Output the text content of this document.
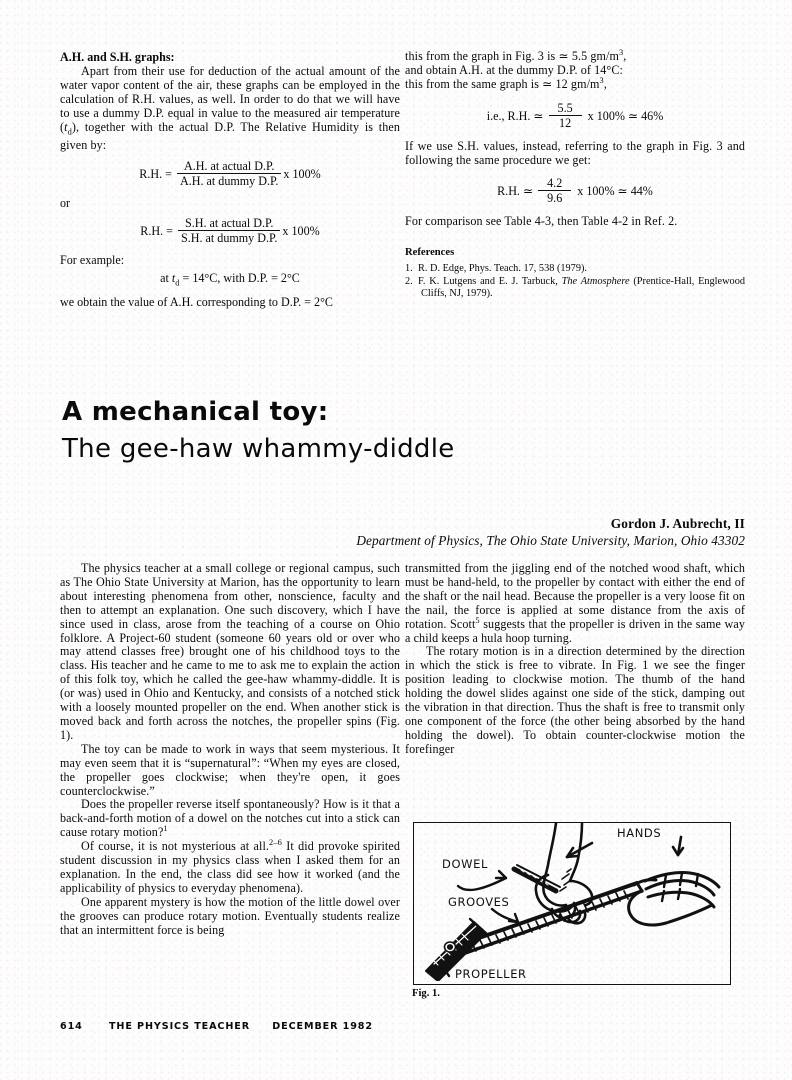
A.H. and S.H. graphs:

Apart from their use for deduction of the actual amount of the water vapor content of the air, these graphs can be employed in the calculation of R.H. values, as well. In order to do that we will have to use a dummy D.P. equal in value to the measured air temperature $(t_d)$, together with the actual D.P. The Relative Humidity is then given by:

R.H. = $\frac{\text{A.H. at actual D.P.}}{\text{A.H. at dummy D.P.}}$ x 100%
or
R.H. = $\frac{\text{S.H. at actual D.P.}}{\text{S.H. at dummy D.P.}}$ x 100%
For example:
at $t_d = 14^\circ C$, with D.P. = 2°C
we obtain the value of A.H. corresponding to D.P. = 2°C

this from the graph in Fig. 3 is ≃ 5.5 $gm/m^3$,
and obtain A.H. at the dummy D.P. of 14°C:
this from the same graph is ≃ 12 $gm/m^3$,

i.e., R.H. ≃ $\frac{5.5}{12}$ x 100% ≃ 46%

If we use S.H. values, instead, referring to the graph in Fig. 3 and following the same procedure we get:

R.H. ≃ $\frac{4.2}{9.6}$ x 100% ≃ 44%

For comparison see Table 4-3, then Table 4-2 in Ref. 2.

References
1. R. D. Edge, Phys. Teach. 17, 538 (1979).
2. F. K. Lutgens and E. J. Tarbuck, The Atmosphere (Prentice-Hall, Englewood Cliffs, NJ, 1979).
A mechanical toy:
The gee-haw whammy-diddle
Gordon J. Aubrecht, II
Department of Physics, The Ohio State University, Marion, Ohio 43302

The physics teacher at a small college or regional campus, such as The Ohio State University at Marion, has the opportunity to learn about interesting phenomena from other, nonscience, faculty and then to attempt an explanation. One such discovery, which I have since used in class, arose from the teaching of a course on Ohio folklore. A Project-60 student (someone 60 years old or over who may attend classes free) brought one of his childhood toys to the class. His teacher and he came to me to ask me to explain the action of this folk toy, which he called the gee-haw whammy-diddle. It is (or was) used in Ohio and Kentucky, and consists of a notched stick with a loosely mounted propeller on the end. When another stick is moved back and forth across the notches, the propeller spins (Fig. 1).

The toy can be made to work in ways that seem mysterious. It may even seem that it is “supernatural”: “When my eyes are closed, the propeller goes clockwise; when they're open, it goes counterclockwise.”

Does the propeller reverse itself spontaneously? How is it that a back-and-forth motion of a dowel on the notches cut into a stick can cause rotary motion?$^1$

Of course, it is not mysterious at all.$^{2-6}$ It did provoke spirited student discussion in my physics class when I asked them for an explanation. In the end, the class did see how it worked (and the applicability of physics to everyday phenomena).

One apparent mystery is how the motion of the little dowel over the grooves can produce rotary motion. Eventually students realize that an intermittent force is being

transmitted from the jiggling end of the notched wood shaft, which must be hand-held, to the propeller by contact with either the end of the shaft or the nail head. Because the propeller is a very loose fit on the nail, the force is applied at some distance from the axis of rotation. Scott$^5$ suggests that the propeller is driven in the same way a child keeps a hula hoop turning.

The rotary motion is in a direction determined by the direction in which the stick is free to vibrate. In Fig. 1 we see the finger position leading to clockwise motion. The thumb of the hand holding the dowel slides against one side of the stick, damping out the vibration in that direction. Thus the shaft is free to transmit only one component of the force (the other being absorbed by the hand holding the dowel). To obtain counter-clockwise motion the forefinger

HANDS
DOWEL
GROOVES
PROPELLER
Fig. 1.
614	THE PHYSICS TEACHER DECEMBER 1982
